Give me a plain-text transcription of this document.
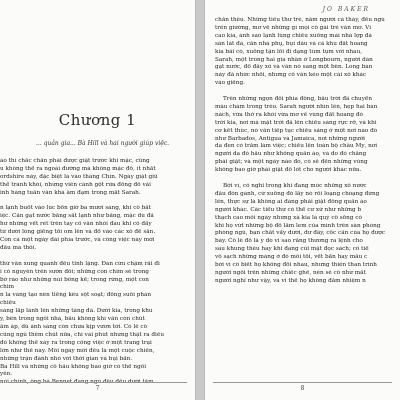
Chương 1
... quản gia... Bà Hill và hai người giúp việc.
áo thì chắc chắn phải được giặt trước khi mặc, cũng
u không thể ra ngoài đường mà không mặc đồ, ít nhất
ordshire này, đặc biệt là vào tháng Chín. Ngày giặt giũ
thể tránh khỏi, nhưng viễn cảnh gột rửa đống đồ vải
inh hàng tuần vẫn khá âm đạm trong mắt Sarah.
n lạnh buốt vào lúc bốn giờ ba mươi sáng, khi cô bắt
iệc. Cần gạt nước bằng sắt lạnh như băng, mặc dù đã
hư những vết rét trên tay cô vẫn nhói đau khi cô đẩy
từ dưới lòng giếng tối om lên và đổ vào các xô để sẵn.
Còn cả một ngày dài phía trước, và công việc này mới
đầu mà thôi.
thứ vẫn xung quanh đều tĩnh lặng. Đàn cừu chậm rãi đi
i cỏ nguyên trên sườn đồi; những con chim sẻ trong
bờ rào như những núi bông kế; trong rừng, một con
chim
n la vàng tạo nên tiếng kêu sột soạt; đống suối phản
chiếu
sáng lấp lánh lên những tảng đá. Dưới kia, trong khu
ý, bên trong ngôi nhà, bầu không khí vẫn còn chút
ấm áp, dù ánh sáng còn chưa kịp vươn tới. Có lẽ cô
cũng ngủ thêm chút nữa, chỉ vài phút nhưng thật ra điều
đó không thể xảy ra trong công việc ở một trang trại
lớn như thế này. Mỗi ngày mới đều là một cuộc chiến,
những trận đánh nhỏ với thời gian và bụi bẩn.
Ba Hill và những cô hầu không bao giờ có thể ngồi
yên.
nói chính, ông bà Bennet đang ngủ đêu đều dưới tầm
7
JO BAKER
chăn thêu. Những tiếu thư trẻ, năm người cả thảy, đều ngủ
trên giường, mơ về những gì mọi cô gái trẻ vẫn mơ. Vì
cao kia, ánh sao lạnh lùng chiếu xuống mái nhà lợp đá
sân lát đá, căn nhà phụ, bụi dâu và cả khu đất hoang
kia bãi cỏ, xuống tận lối đi dạng tùm tụm với nhau,
Sarah, một trong hai gia nhân ở Longbourn, người dàn
gạt nước, đổ đầy xô và vẫn nó sang một bên. Long bàn
này đã nhức nhối, nhưng cô vẫn kéo một cái xô khác
vào giếng.
Trên những ngọn đồi phía đông, bầu trời đã chuyển
màu chàm trong trẻo. Sarah người nhìn lên, hẹp hai bàn
nách, vừa thở ra khói vừa mơ về vùng đất hoang đó
trời kia, nơi mà mặt trời đã lên chiếu sáng rực rỡ, và khi
cơ kết thúc, nó vẫn tiếp tục chiếu sáng ở một nơi nào đó
như Barbados, Antigua và Jamaica, nơi những người
da đen có trăm làm việc; chiếu lên toàn bộ châu Mỹ, nơi
người da đỏ hầu như không quần áo, và do đó chẳng
phải giặt; và một ngày nào đó, có sẽ đến những vùng
không bao giờ phải giặt đồ lót cho người khác nữa.
Bởi vì, cô nghĩ trong khi đang móc những xô nước
đầu đòn gánh, cứ xuống đó lấy nó rồi loạng choạng đứng
lên, thực sự là không ai đáng phải giặt đồng quần áo
người khác. Các tiểu thư có thể cư xử như những b
thạch cao mỗi ngày nhưng xà kia là quý cô sống có
khi họ vứt những bộ đồ lấm lem của mình trên sàn phòng
phòng ngủ, bạn chắt vẩy dưới, dư đây, cốc cần của họ được
bày. Cô lê đồ là ý do vì sao rằng thương ra lệnh cho
sau khung thêu hay khi đang cúi mặt đọc sách; cô tiể
vô sạch những mảng ở đó mỗi tối, vết bẩn hay mấu c
bởi vì cô biết họ không đối nhau, nhưng thiên than trinh
người ngồi trên những chiếc ghế, nên sẽ cô như mất
người nghĩ như vậy, và vì thế họ không đăm nhiệm n
8
